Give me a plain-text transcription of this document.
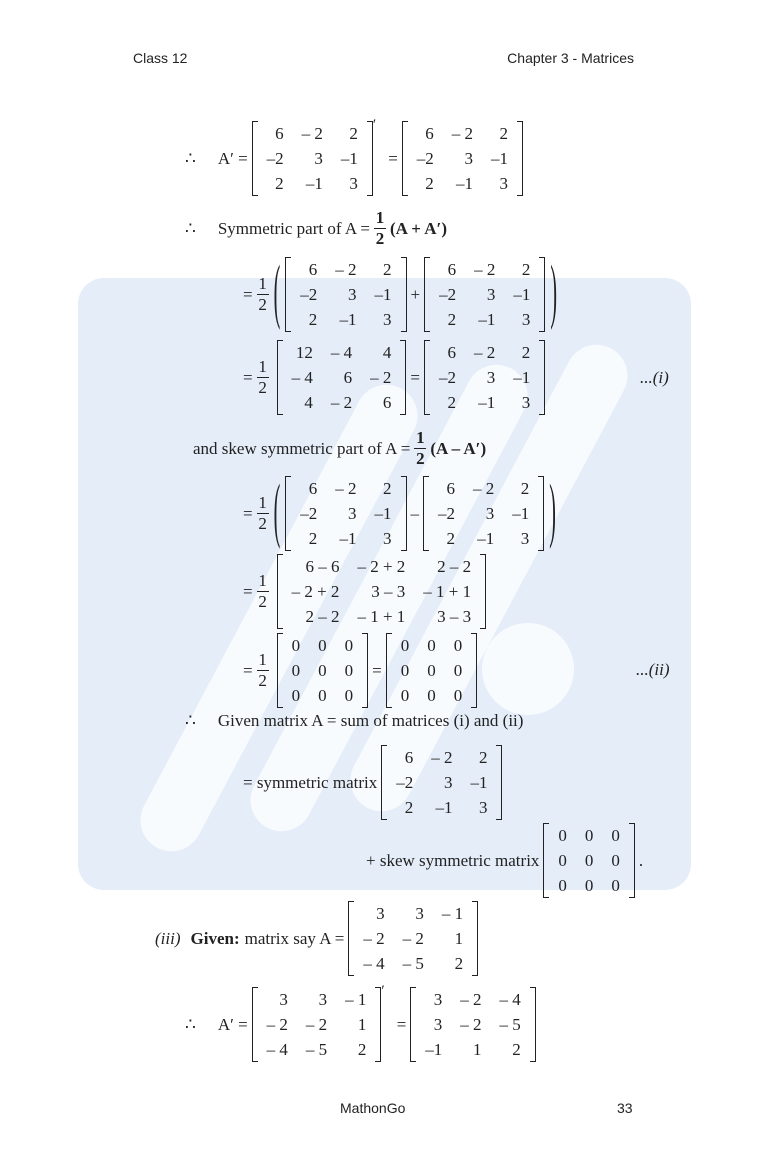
Class 12	Chapter 3 - Matrices
∴ A′ =
6	– 2	2
–2	3	–1
2	–1	3
′
=
6	– 2	2
–2	3	–1
2	–1	3
∴ Symmetric part of $A = \frac{1}{2} (A + A')$
= $\frac{1}{2}$ (	6	– 2	2
–2	3	–1
2	–1	3
+
6	– 2	2
–2	3	–1
2	–1	3	)
= $\frac{1}{2}$
12	– 4	4
– 4	6	– 2
4	– 2	6
=
6	– 2	2
–2	3	–1
2	–1	3
...(i)
and skew symmetric part of $A = \frac{1}{2} (A - A')$
= $\frac{1}{2}$ (	6	– 2	2
–2	3	–1
2	–1	3
–
6	– 2	2
–2	3	–1
2	–1	3	)
= $\frac{1}{2}$
6 – 6	– 2 + 2	2 – 2
– 2 + 2	3 – 3	– 1 + 1
2 – 2	– 1 + 1	3 – 3
= $\frac{1}{2}$
0	0	0
0	0	0
0	0	0
=
0	0	0
0	0	0
0	0	0
...(ii)
∴ Given matrix A = sum of matrices (i) and (ii)
= symmetric matrix
6	– 2	2
–2	3	–1
2	–1	3
+ skew symmetric matrix
0	0	0
0	0	0
0	0	0
.
(iii) Given: matrix say A =
3	3	– 1
– 2	– 2	1
– 4	– 5	2
∴ A′ =
3	3	– 1
– 2	– 2	1
– 4	– 5	2
′
=
3	– 2	– 4
3	– 2	– 5
–1	1	2
MathonGo	33
